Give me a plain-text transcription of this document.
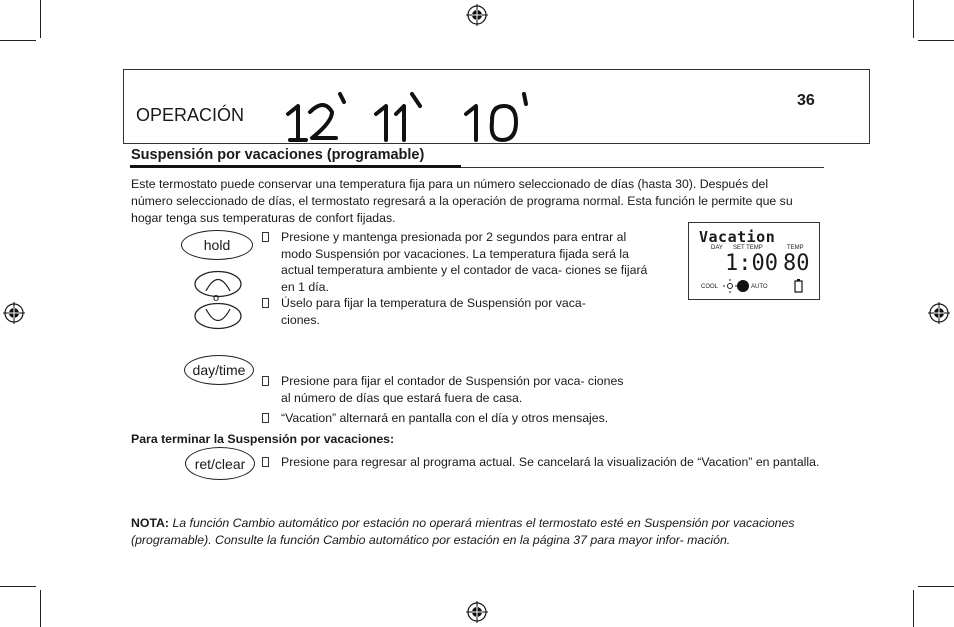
OPERACIÓN
36
Suspensión por vacaciones (programable)
Este termostato puede conservar una temperatura fija para un número seleccionado de días (hasta 30). Después del número seleccionado de días, el termostato regresará a la operación de programa normal. Esta función le permite que su hogar tenga sus temperaturas de confort fijadas.
hold
o
day/time
ret/clear
Presione y mantenga presionada por 2 segundos para entrar al modo Suspensión por vacaciones. La temperatura fijada será la actual temperatura ambiente y el contador de vaca- ciones se fijará en 1 día.
Úselo para fijar la temperatura de Suspensión por vaca- ciones.
Presione para fijar el contador de Suspensión por vaca- ciones al número de días que estará fuera de casa.
“Vacation” alternará en pantalla con el día y otros mensajes.
Para terminar la Suspensión por vacaciones:
Presione para regresar al programa actual. Se cancelará la visualización de “Vacation” en pantalla.
Vacation
DAY SET TEMP	TEMP
1:00 80
COOL	AUTO
NOTA: La función Cambio automático por estación no operará mientras el termostato esté en Suspensión por vacaciones (programable). Consulte la función Cambio automático por estación en la página 37 para mayor infor- mación.
